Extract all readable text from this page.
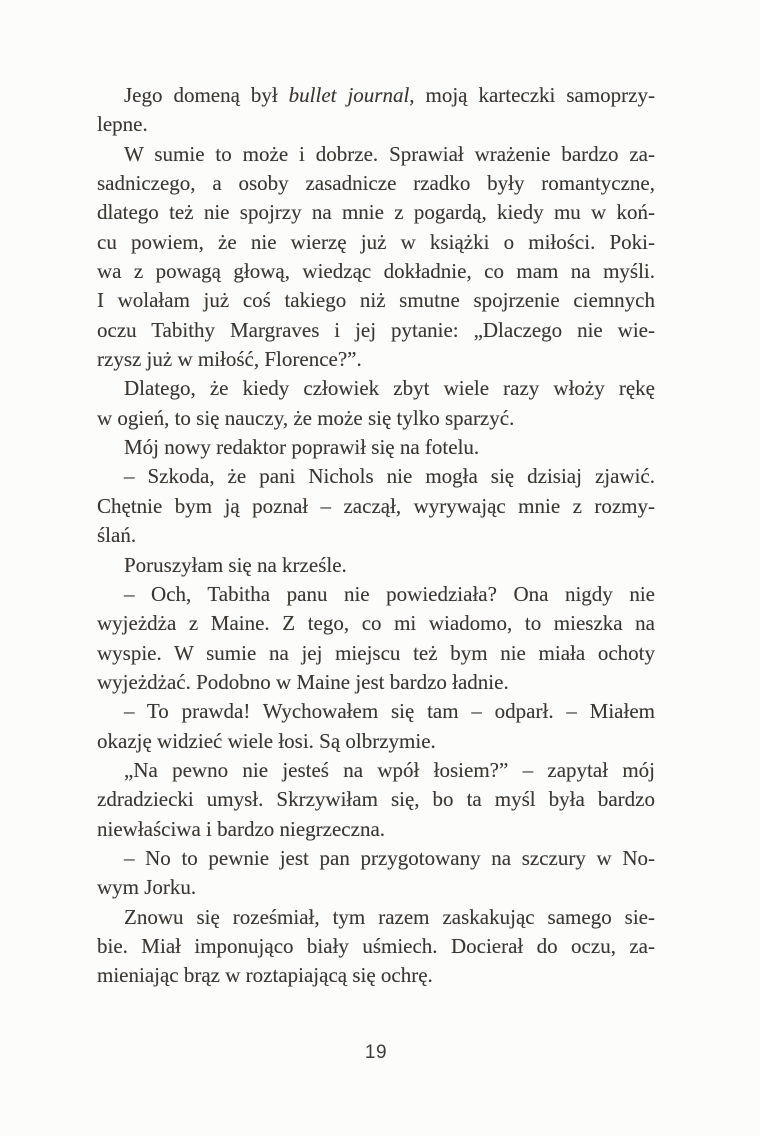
Jego domeną był bullet journal, moją karteczki samoprzy-
lepne.
W sumie to może i dobrze. Sprawiał wrażenie bardzo za-
sadniczego, a osoby zasadnicze rzadko były romantyczne,
dlatego też nie spojrzy na mnie z pogardą, kiedy mu w koń-
cu powiem, że nie wierzę już w książki o miłości. Poki-
wa z powagą głową, wiedząc dokładnie, co mam na myśli.
I wolałam już coś takiego niż smutne spojrzenie ciemnych
oczu Tabithy Margraves i jej pytanie: „Dlaczego nie wie-
rzysz już w miłość, Florence?”.
Dlatego, że kiedy człowiek zbyt wiele razy włoży rękę
w ogień, to się nauczy, że może się tylko sparzyć.
Mój nowy redaktor poprawił się na fotelu.
– Szkoda, że pani Nichols nie mogła się dzisiaj zjawić.
Chętnie bym ją poznał – zaczął, wyrywając mnie z rozmy-
ślań.
Poruszyłam się na krześle.
– Och, Tabitha panu nie powiedziała? Ona nigdy nie
wyjeżdża z Maine. Z tego, co mi wiadomo, to mieszka na
wyspie. W sumie na jej miejscu też bym nie miała ochoty
wyjeżdżać. Podobno w Maine jest bardzo ładnie.
– To prawda! Wychowałem się tam – odparł. – Miałem
okazję widzieć wiele łosi. Są olbrzymie.
„Na pewno nie jesteś na wpół łosiem?” – zapytał mój
zdradziecki umysł. Skrzywiłam się, bo ta myśl była bardzo
niewłaściwa i bardzo niegrzeczna.
– No to pewnie jest pan przygotowany na szczury w No-
wym Jorku.
Znowu się roześmiał, tym razem zaskakując samego sie-
bie. Miał imponująco biały uśmiech. Docierał do oczu, za-
mieniając brąz w roztapiającą się ochrę.
19
